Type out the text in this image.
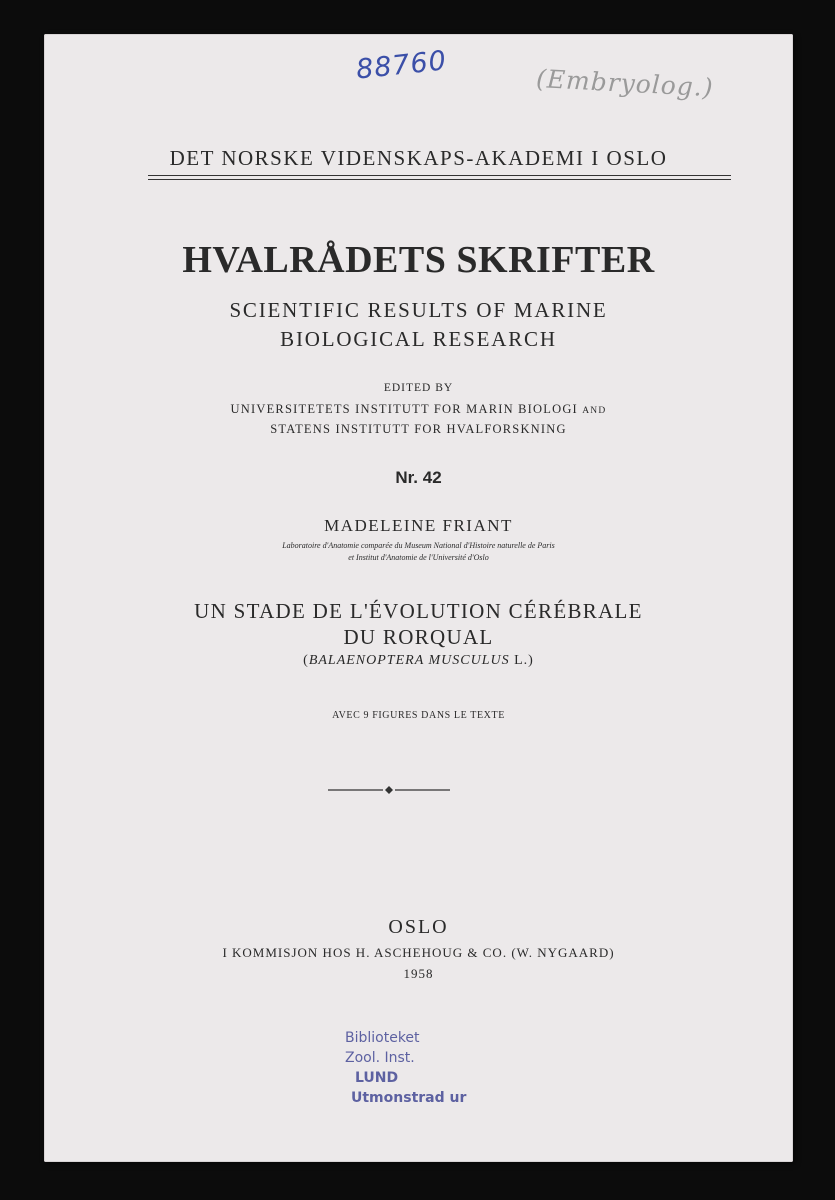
88760	(Embryolog.)
DET NORSKE VIDENSKAPS-AKADEMI I OSLO
HVALRÅDETS SKRIFTER
SCIENTIFIC RESULTS OF MARINE
BIOLOGICAL RESEARCH
EDITED BY
UNIVERSITETETS INSTITUTT FOR MARIN BIOLOGI AND
STATENS INSTITUTT FOR HVALFORSKNING
Nr. 42
MADELEINE FRIANT
Laboratoire d'Anatomie comparée du Museum National d'Histoire naturelle de Paris
et Institut d'Anatomie de l'Université d'Oslo
UN STADE DE L'ÉVOLUTION CÉRÉBRALE
DU RORQUAL
(BALAENOPTERA MUSCULUS L.)
AVEC 9 FIGURES DANS LE TEXTE
OSLO
I KOMMISJON HOS H. ASCHEHOUG & CO. (W. NYGAARD)
1958
Biblioteket
Zool. Inst.
LUND
Utmonstrad ur
